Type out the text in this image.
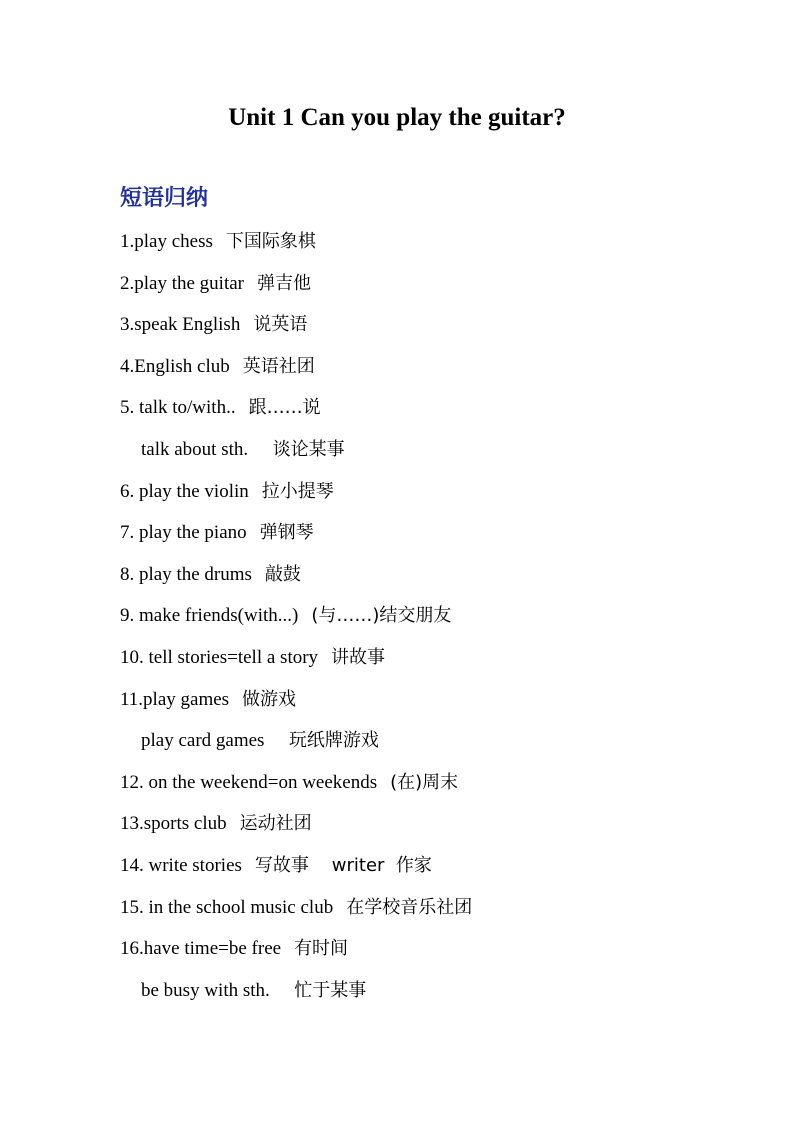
Unit 1 Can you play the guitar?
短语归纳
1.play chess 下国际象棋
2.play the guitar 弹吉他
3.speak English 说英语
4.English club 英语社团
5. talk to/with.. 跟……说
talk about sth.  谈论某事
6. play the violin 拉小提琴
7. play the piano 弹钢琴
8. play the drums 敲鼓
9. make friends(with...) (与……)结交朋友
10. tell stories=tell a story 讲故事
11.play games 做游戏
play card games  玩纸牌游戏
12. on the weekend=on weekends (在)周末
13.sports club 运动社团
14. write stories 写故事    writer  作家
15. in the school music club 在学校音乐社团
16.have time=be free 有时间
be busy with sth.  忙于某事
